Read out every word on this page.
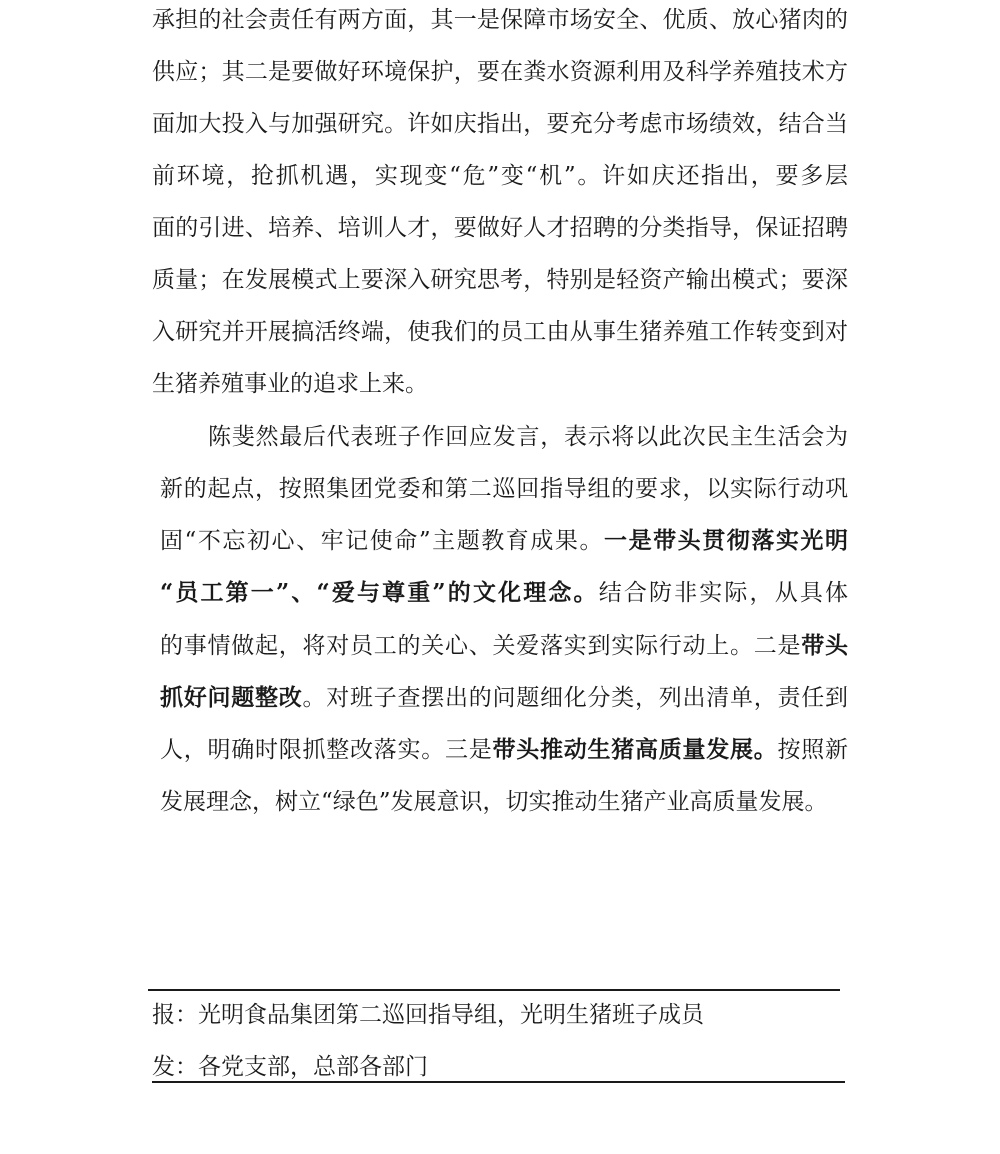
承担的社会责任有两方面，其一是保障市场安全、优质、放心猪肉的
供应；其二是要做好环境保护，要在粪水资源利用及科学养殖技术方
面加大投入与加强研究。许如庆指出，要充分考虑市场绩效，结合当
前环境，抢抓机遇，实现变“危”变“机”。许如庆还指出，要多层
面的引进、培养、培训人才，要做好人才招聘的分类指导，保证招聘
质量；在发展模式上要深入研究思考，特别是轻资产输出模式；要深
入研究并开展搞活终端，使我们的员工由从事生猪养殖工作转变到对
生猪养殖事业的追求上来。
陈斐然最后代表班子作回应发言，表示将以此次民主生活会为
新的起点，按照集团党委和第二巡回指导组的要求，以实际行动巩
固“不忘初心、牢记使命”主题教育成果。一是带头贯彻落实光明
“员工第一”、“爱与尊重”的文化理念。结合防非实际，从具体
的事情做起，将对员工的关心、关爱落实到实际行动上。二是带头
抓好问题整改。对班子查摆出的问题细化分类，列出清单，责任到
人，明确时限抓整改落实。三是带头推动生猪高质量发展。按照新
发展理念，树立“绿色”发展意识，切实推动生猪产业高质量发展。
报：光明食品集团第二巡回指导组，光明生猪班子成员
发：各党支部，总部各部门
